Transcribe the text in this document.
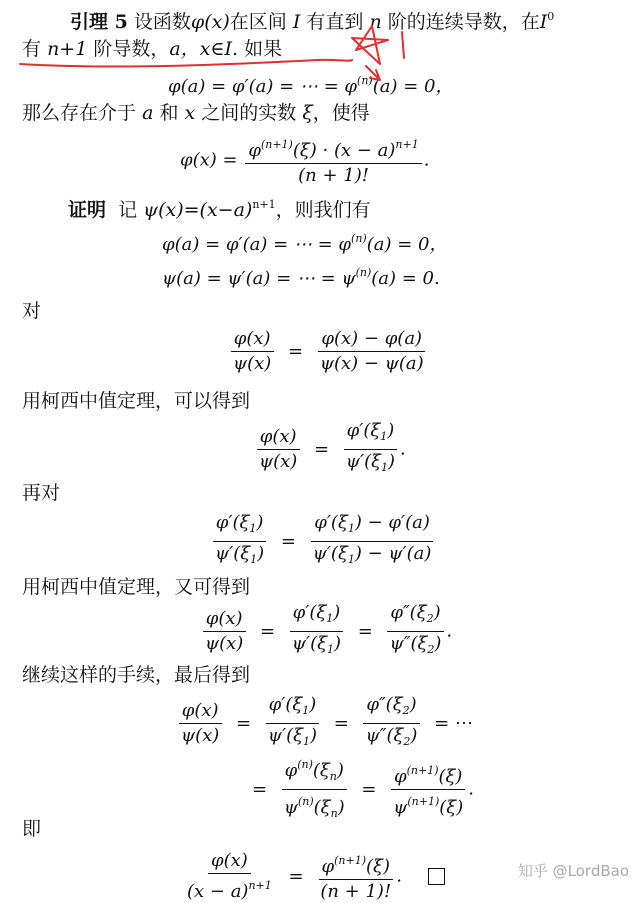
引理 5 设函数φ(x)在区间 I 有直到 n 阶的连续导数，在$I^0$
有 n+1 阶导数，a，x∈I. 如果
φ(a) = φ′(a) = ⋯ = $\varphi^{(n)}(a) = 0$，
那么存在介于 a 和 x 之间的实数 ξ，使得
$\varphi(x) = \frac{\varphi^{(n+1)}(\xi) \cdot (x - a)^{n+1}}{(n + 1)!}$ .
证明 记 $\psi(x)=(x-a)^{n+1}$，则我们有
φ(a) = φ′(a) = ⋯ = $\varphi^{(n)}(a) = 0$，
ψ(a) = ψ′(a) = ⋯ = $\psi^{(n)}(a) = 0$.
对
$\frac{\varphi(x)}{\psi(x)} = \frac{\varphi(x) - \varphi(a)}{\psi(x) - \psi(a)}$
用柯西中值定理，可以得到
$\frac{\varphi(x)}{\psi(x)} = \frac{\varphi'(\xi_1)}{\psi'(\xi_1)}$ .
再对
$\frac{\varphi'(\xi_1)}{\psi'(\xi_1)} = \frac{\varphi'(\xi_1) - \varphi'(a)}{\psi'(\xi_1) - \psi'(a)}$
用柯西中值定理，又可得到
$\frac{\varphi(x)}{\psi(x)} = \frac{\varphi'(\xi_1)}{\psi'(\xi_1)} = \frac{\varphi''(\xi_2)}{\psi''(\xi_2)}$ .
继续这样的手续，最后得到
$\frac{\varphi(x)}{\psi(x)} = \frac{\varphi'(\xi_1)}{\psi'(\xi_1)} = \frac{\varphi''(\xi_2)}{\psi''(\xi_2)}$ = ⋯
= $\frac{\varphi^{(n)}(\xi_n)}{\psi^{(n)}(\xi_n)} = \frac{\varphi^{(n+1)}(\xi)}{\psi^{(n+1)}(\xi)}$ .
即
$\frac{\varphi(x)}{(x - a)^{n+1}} = \frac{\varphi^{(n+1)}(\xi)}{(n + 1)!}$ .	知乎 @LordBao
